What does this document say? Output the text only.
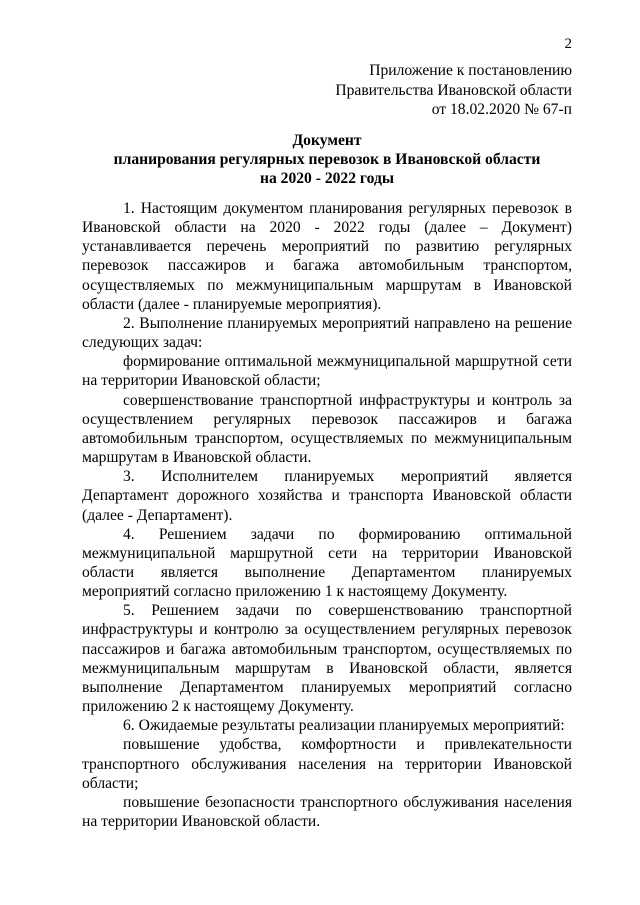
2
Приложение к постановлению
Правительства Ивановской области
от 18.02.2020 № 67-п
Документ
планирования регулярных перевозок в Ивановской области
на 2020 - 2022 годы

1. Настоящим документом планирования регулярных перевозок в Ивановской области на 2020 - 2022 годы (далее – Документ) устанавливается перечень мероприятий по развитию регулярных перевозок пассажиров и багажа автомобильным транспортом, осуществляемых по межмуниципальным маршрутам в Ивановской области (далее - планируемые мероприятия).

2. Выполнение планируемых мероприятий направлено на решение следующих задач:

формирование оптимальной межмуниципальной маршрутной сети на территории Ивановской области;

совершенствование транспортной инфраструктуры и контроль за осуществлением регулярных перевозок пассажиров и багажа автомобильным транспортом, осуществляемых по межмуниципальным маршрутам в Ивановской области.

3. Исполнителем планируемых мероприятий является Департамент дорожного хозяйства и транспорта Ивановской области (далее - Департамент).

4. Решением задачи по формированию оптимальной межмуниципальной маршрутной сети на территории Ивановской области является выполнение Департаментом планируемых мероприятий согласно приложению 1 к настоящему Документу.

5. Решением задачи по совершенствованию транспортной инфраструктуры и контролю за осуществлением регулярных перевозок пассажиров и багажа автомобильным транспортом, осуществляемых по межмуниципальным маршрутам в Ивановской области, является выполнение Департаментом планируемых мероприятий согласно приложению 2 к настоящему Документу.

6. Ожидаемые результаты реализации планируемых мероприятий:

повышение удобства, комфортности и привлекательности транспортного обслуживания населения на территории Ивановской области;

повышение безопасности транспортного обслуживания населения на территории Ивановской области.
